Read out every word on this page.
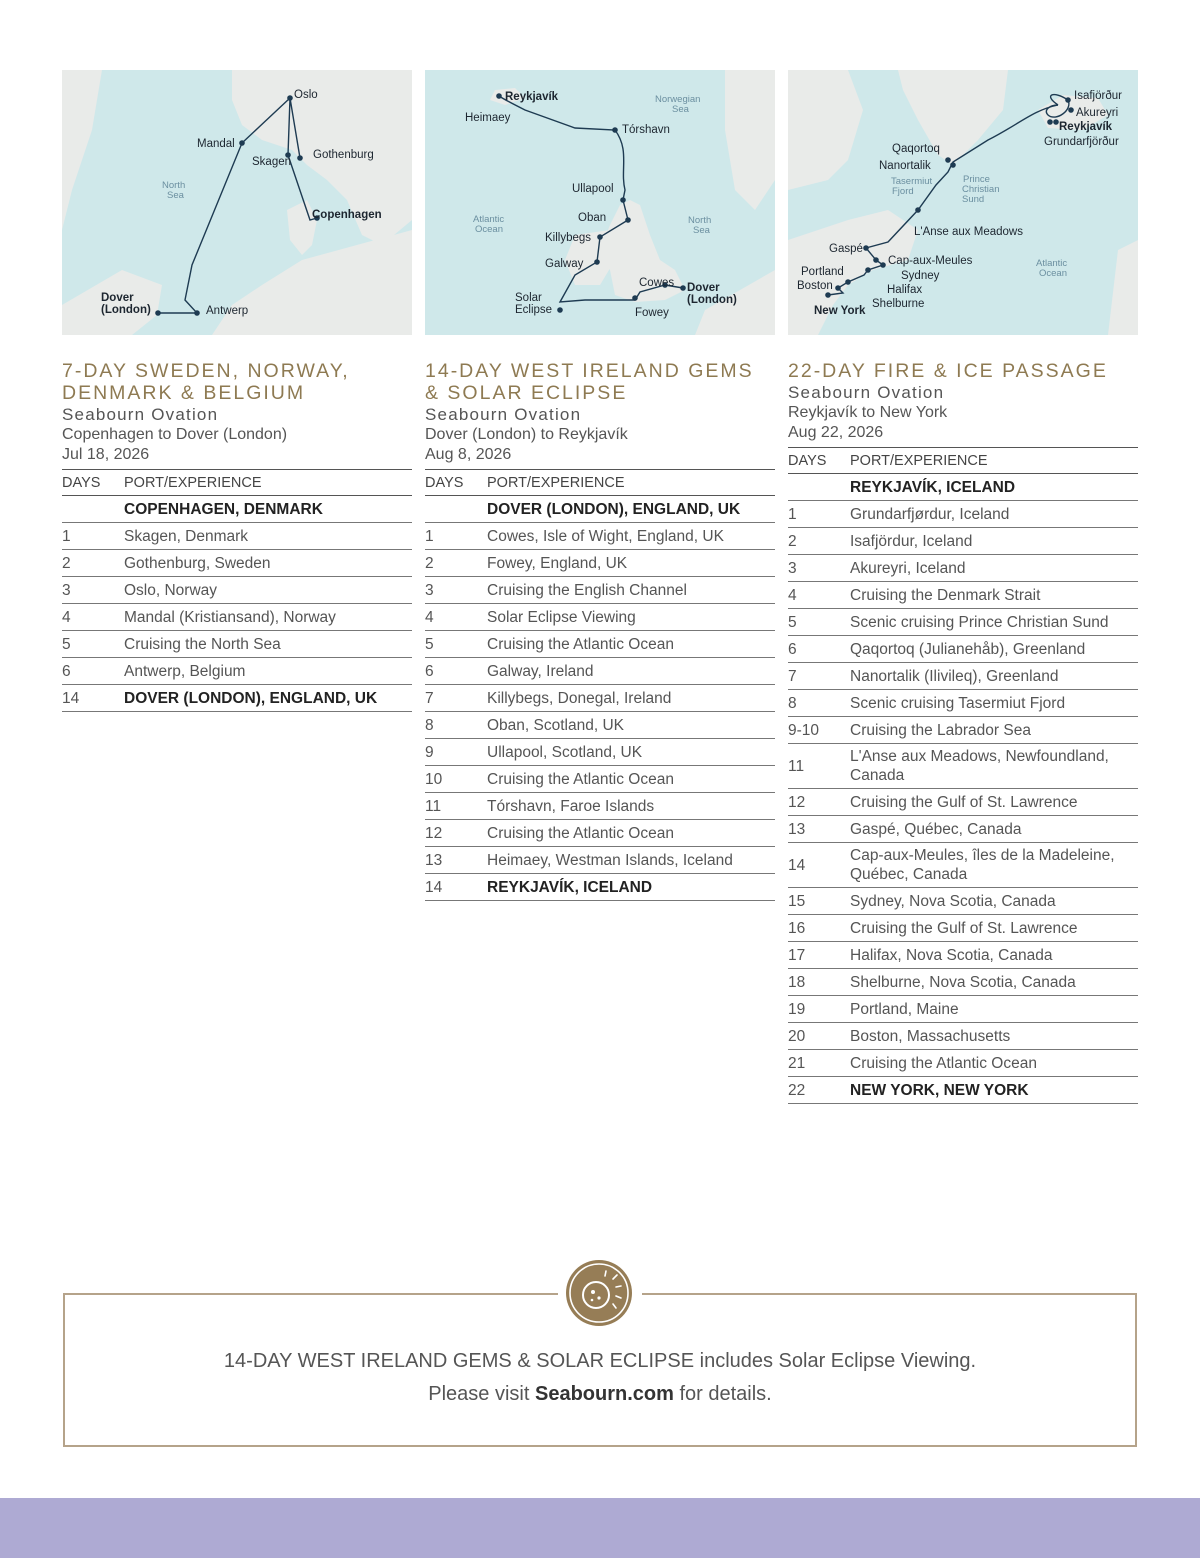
Oslo
Mandal
Skagen
Gothenburg
Copenhagen
Dover
(London)	Antwerp
North
Sea
Reykjavík
Heimaey
Tórshavn
Ullapool
Oban
Killybegs
Galway
Cowes Dover
(London)
Solar
Eclipse	Fowey
Norwegian
Sea
Atlantic
Ocean
North
Sea
Isafjörður
Akureyri
Reykjavík
Grundarfjörður
Qaqortoq
Nanortalik
L'Anse aux Meadows
Gaspé
Cap-aux-Meules
Sydney
Portland
Halifax
Boston
Shelburne
New York
Tasermiut
Fjord
Prince
Christian
Sund
Atlantic
Ocean
7-DAY SWEDEN, NORWAY,
DENMARK & BELGIUM
Seabourn Ovation
Copenhagen to Dover (London)
Jul 18, 2026
DAYS	PORT/EXPERIENCE
	COPENHAGEN, DENMARK
1	Skagen, Denmark
2	Gothenburg, Sweden
3	Oslo, Norway
4	Mandal (Kristiansand), Norway
5	Cruising the North Sea
6	Antwerp, Belgium
14	DOVER (LONDON), ENGLAND, UK
14-DAY WEST IRELAND GEMS
& SOLAR ECLIPSE
Seabourn Ovation
Dover (London) to Reykjavík
Aug 8, 2026
DAYS	PORT/EXPERIENCE
	DOVER (LONDON), ENGLAND, UK
1	Cowes, Isle of Wight, England, UK
2	Fowey, England, UK
3	Cruising the English Channel
4	Solar Eclipse Viewing
5	Cruising the Atlantic Ocean
6	Galway, Ireland
7	Killybegs, Donegal, Ireland
8	Oban, Scotland, UK
9	Ullapool, Scotland, UK
10	Cruising the Atlantic Ocean
11	Tórshavn, Faroe Islands
12	Cruising the Atlantic Ocean
13	Heimaey, Westman Islands, Iceland
14	REYKJAVÍK, ICELAND
22-DAY FIRE & ICE PASSAGE
Seabourn Ovation
Reykjavík to New York
Aug 22, 2026
DAYS	PORT/EXPERIENCE
	REYKJAVÍK, ICELAND
1	Grundarfjørdur, Iceland
2	Isafjördur, Iceland
3	Akureyri, Iceland
4	Cruising the Denmark Strait
5	Scenic cruising Prince Christian Sund
6	Qaqortoq (Julianehåb), Greenland
7	Nanortalik (Ilivileq), Greenland
8	Scenic cruising Tasermiut Fjord
9-10	Cruising the Labrador Sea
11	L'Anse aux Meadows, Newfoundland, Canada
12	Cruising the Gulf of St. Lawrence
13	Gaspé, Québec, Canada
14	Cap-aux-Meules, îles de la Madeleine, Québec, Canada
15	Sydney, Nova Scotia, Canada
16	Cruising the Gulf of St. Lawrence
17	Halifax, Nova Scotia, Canada
18	Shelburne, Nova Scotia, Canada
19	Portland, Maine
20	Boston, Massachusetts
21	Cruising the Atlantic Ocean
22	NEW YORK, NEW YORK
14-DAY WEST IRELAND GEMS & SOLAR ECLIPSE includes Solar Eclipse Viewing.
Please visit Seabourn.com for details.
